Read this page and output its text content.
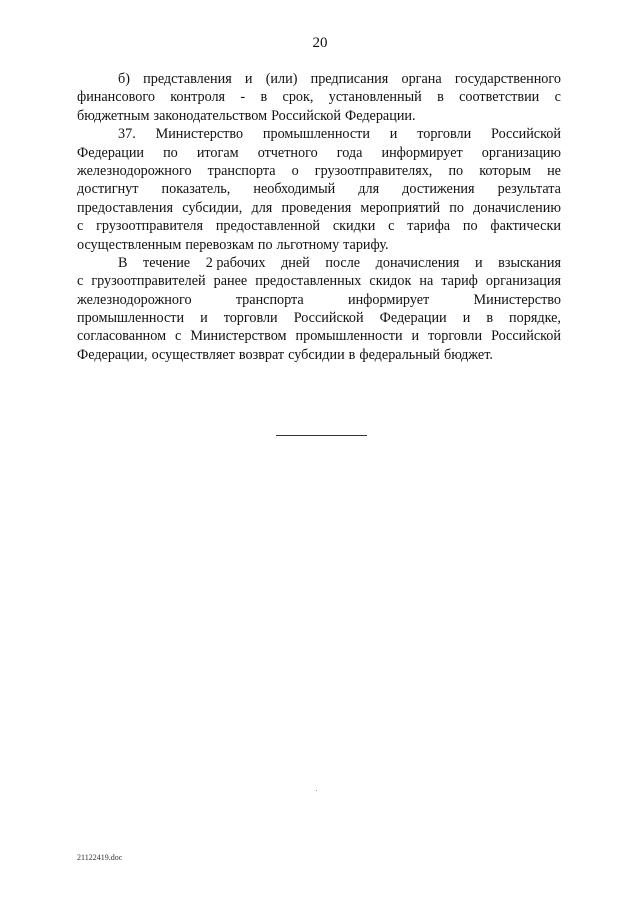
20
б) представления и (или) предписания органа государственного
финансового контроля - в срок, установленный в соответствии с
бюджетным законодательством Российской Федерации.
37. Министерство промышленности и торговли Российской
Федерации по итогам отчетного года информирует организацию
железнодорожного транспорта о грузоотправителях, по которым не
достигнут показатель, необходимый для достижения результата
предоставления субсидии, для проведения мероприятий по доначислению
с грузоотправителя предоставленной скидки с тарифа по фактически
осуществленным перевозкам по льготному тарифу.
В течение 2 рабочих дней после доначисления и взыскания
с грузоотправителей ранее предоставленных скидок на тариф организация
железнодорожного	транспорта	информирует	Министерство
промышленности и торговли Российской Федерации и в порядке,
согласованном с Министерством промышленности и торговли Российской
Федерации, осуществляет возврат субсидии в федеральный бюджет.
21122419.doc
